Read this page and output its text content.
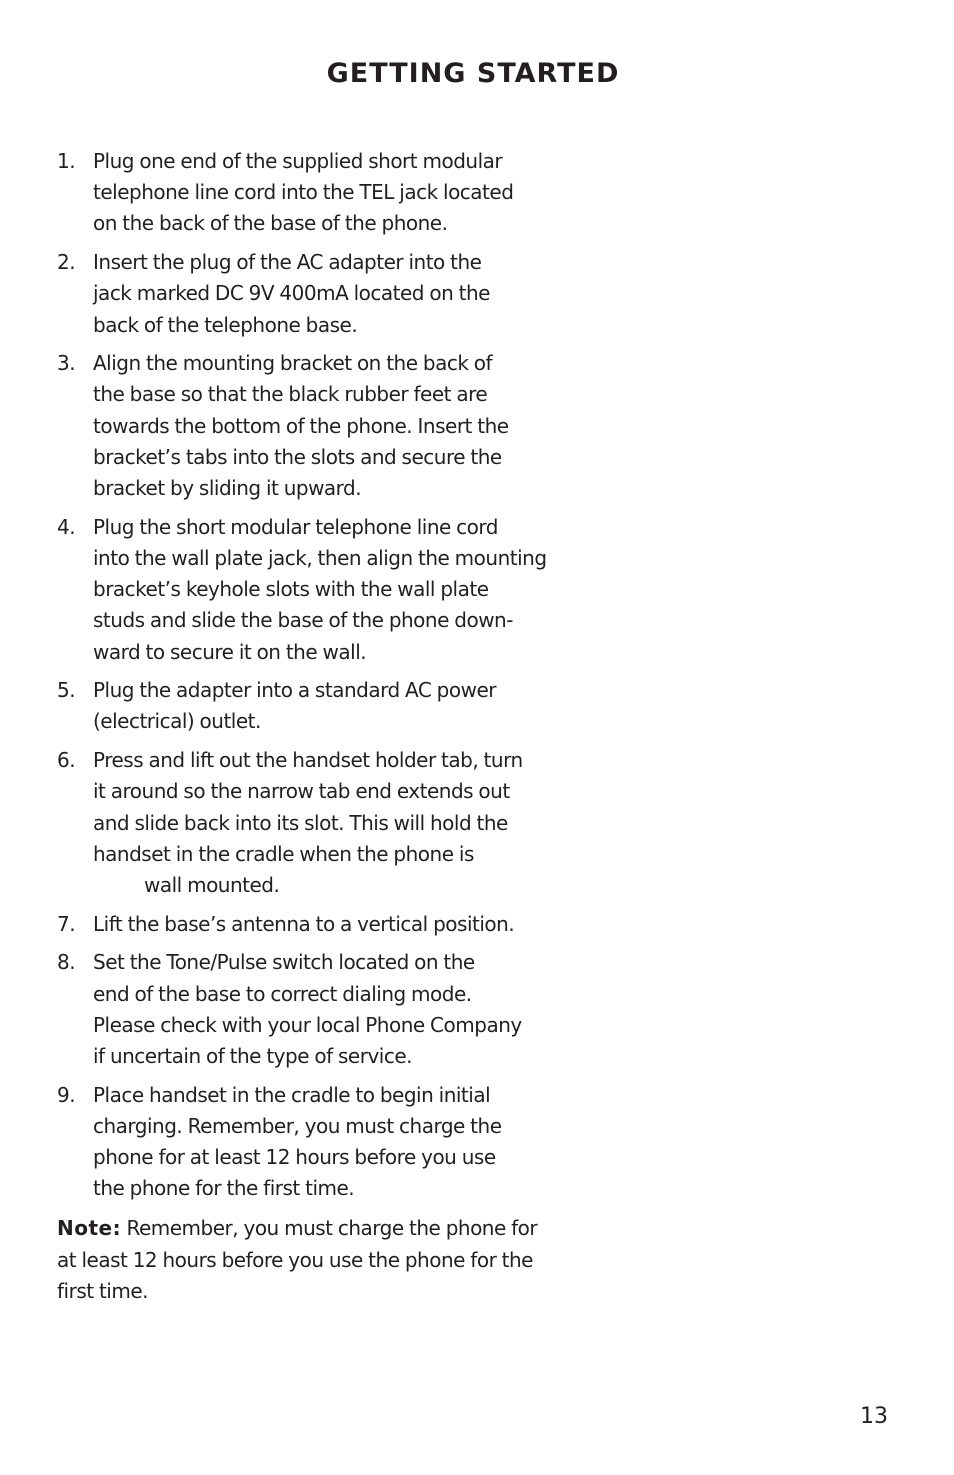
GETTING STARTED
1. Plug one end of the supplied short modular
telephone line cord into the TEL jack located
on the back of the base of the phone.
2. Insert the plug of the AC adapter into the
jack marked DC 9V 400mA located on the
back of the telephone base.
3. Align the mounting bracket on the back of
the base so that the black rubber feet are
towards the bottom of the phone. Insert the
bracket’s tabs into the slots and secure the
bracket by sliding it upward.
4. Plug the short modular telephone line cord
into the wall plate jack, then align the mounting
bracket’s keyhole slots with the wall plate
studs and slide the base of the phone down-
ward to secure it on the wall.
5. Plug the adapter into a standard AC power
(electrical) outlet.
6. Press and lift out the handset holder tab, turn
it around so the narrow tab end extends out
and slide back into its slot. This will hold the
handset in the cradle when the phone is
wall mounted.
7. Lift the base’s antenna to a vertical position.
8. Set the Tone/Pulse switch located on the
end of the base to correct dialing mode.
Please check with your local Phone Company
if uncertain of the type of service.
9. Place handset in the cradle to begin initial
charging. Remember, you must charge the
phone for at least 12 hours before you use
the phone for the first time.
Note: Remember, you must charge the phone for
at least 12 hours before you use the phone for the
first time.
13
